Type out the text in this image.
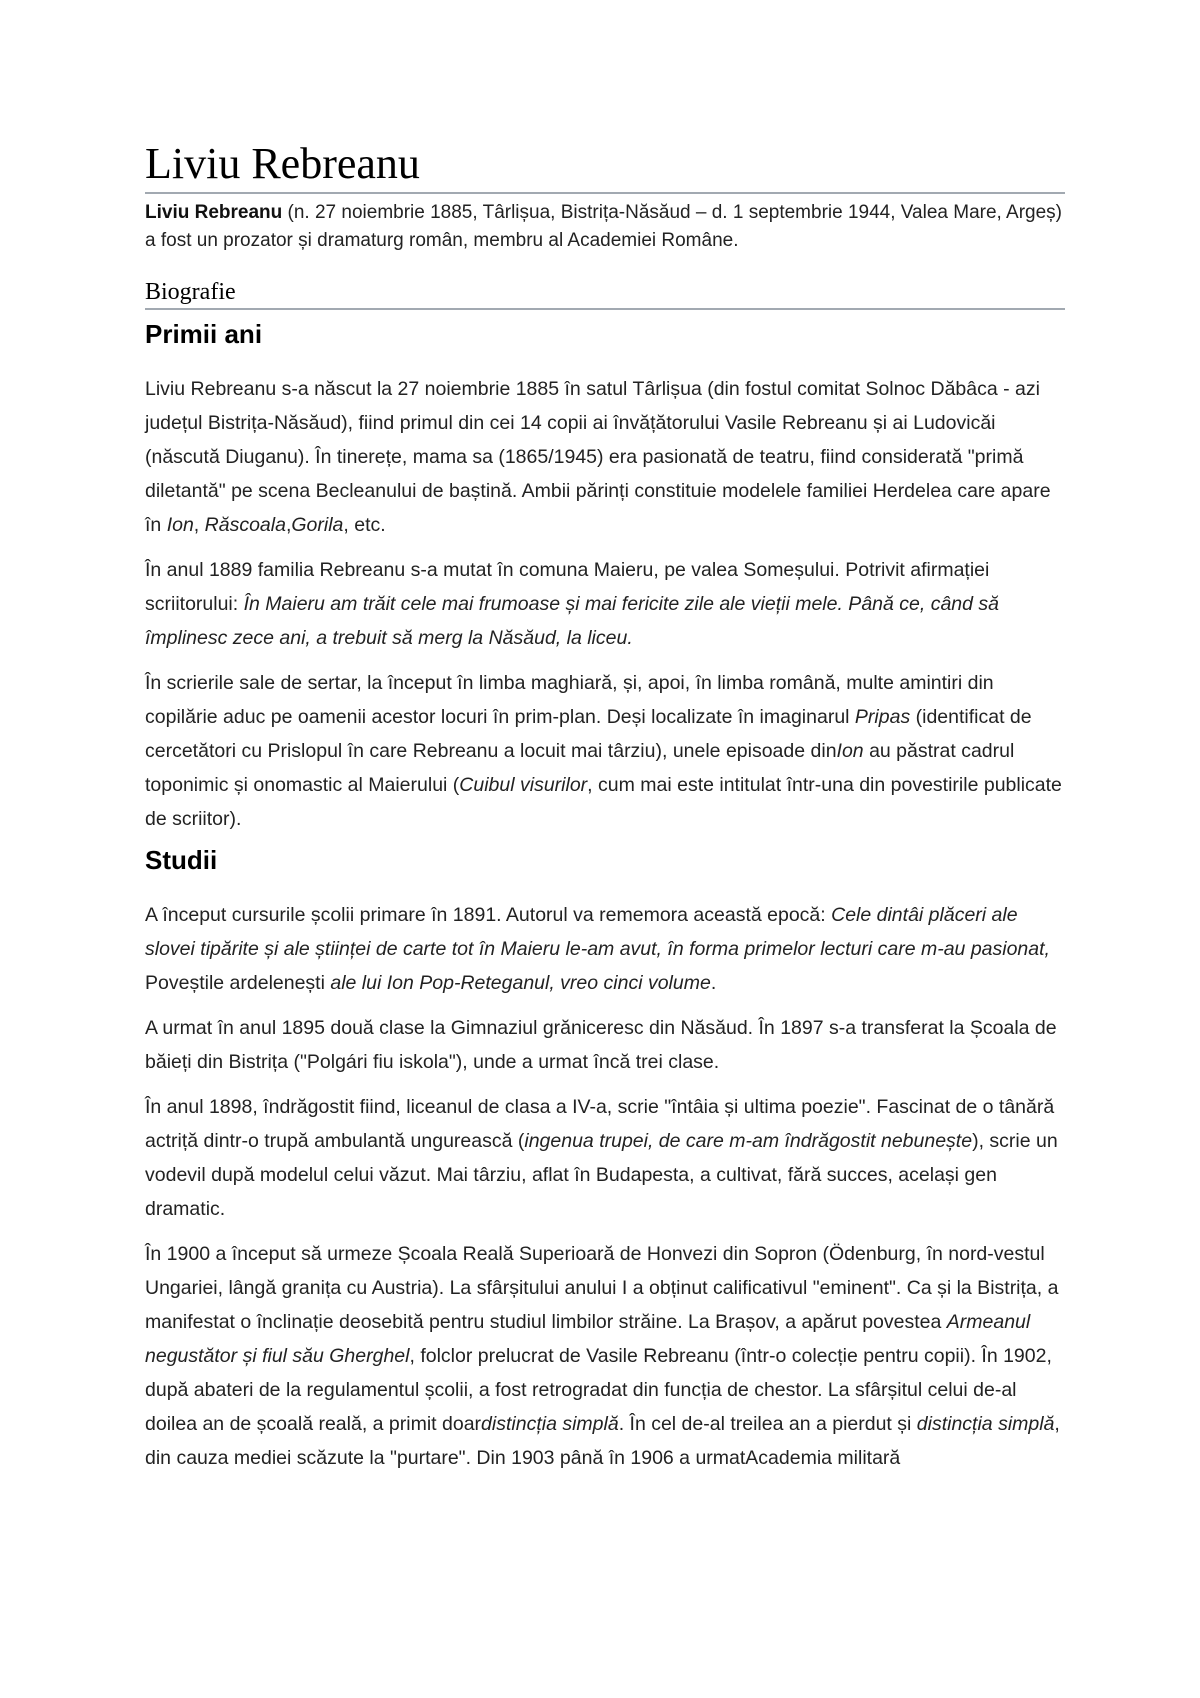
Liviu Rebreanu

Liviu Rebreanu (n. 27 noiembrie 1885, Târlișua, Bistrița-Năsăud – d. 1 septembrie 1944, Valea Mare, Argeș) a fost un prozator și dramaturg român, membru al Academiei Române.

Biografie
Primii ani

Liviu Rebreanu s-a născut la 27 noiembrie 1885 în satul Târlișua (din fostul comitat Solnoc Dăbâca - azi județul Bistrița-Năsăud), fiind primul din cei 14 copii ai învățătorului Vasile Rebreanu și ai Ludovicăi (născută Diuganu). În tinerețe, mama sa (1865/1945) era pasionată de teatru, fiind considerată "primă diletantă" pe scena Becleanului de baștină. Ambii părinți constituie modelele familiei Herdelea care apare în Ion, Răscoala,Gorila, etc.

În anul 1889 familia Rebreanu s-a mutat în comuna Maieru, pe valea Someșului. Potrivit afirmației scriitorului: În Maieru am trăit cele mai frumoase și mai fericite zile ale vieții mele. Până ce, când să împlinesc zece ani, a trebuit să merg la Năsăud, la liceu.

În scrierile sale de sertar, la început în limba maghiară, și, apoi, în limba română, multe amintiri din copilărie aduc pe oamenii acestor locuri în prim-plan. Deși localizate în imaginarul Pripas (identificat de cercetători cu Prislopul în care Rebreanu a locuit mai târziu), unele episoade dinIon au păstrat cadrul toponimic și onomastic al Maierului (Cuibul visurilor, cum mai este intitulat într-una din povestirile publicate de scriitor).

Studii

A început cursurile școlii primare în 1891. Autorul va rememora această epocă: Cele dintâi plăceri ale slovei tipărite și ale științei de carte tot în Maieru le-am avut, în forma primelor lecturi care m-au pasionat, Poveștile ardelenești ale lui Ion Pop-Reteganul, vreo cinci volume.

A urmat în anul 1895 două clase la Gimnaziul grăniceresc din Năsăud. În 1897 s-a transferat la Școala de băieți din Bistrița ("Polgári fiu iskola"), unde a urmat încă trei clase.

În anul 1898, îndrăgostit fiind, liceanul de clasa a IV-a, scrie "întâia și ultima poezie". Fascinat de o tânără actriță dintr-o trupă ambulantă ungurească (ingenua trupei, de care m-am îndrăgostit nebunește), scrie un vodevil după modelul celui văzut. Mai târziu, aflat în Budapesta, a cultivat, fără succes, același gen dramatic.

În 1900 a început să urmeze Școala Reală Superioară de Honvezi din Sopron (Ödenburg, în nord-vestul Ungariei, lângă granița cu Austria). La sfârșitului anului I a obținut calificativul "eminent". Ca și la Bistrița, a manifestat o înclinație deosebită pentru studiul limbilor străine. La Brașov, a apărut povestea Armeanul negustător și fiul său Gherghel, folclor prelucrat de Vasile Rebreanu (într-o colecție pentru copii). În 1902, după abateri de la regulamentul școlii, a fost retrogradat din funcția de chestor. La sfârșitul celui de-al doilea an de școală reală, a primit doardistincția simplă. În cel de-al treilea an a pierdut și distincția simplă, din cauza mediei scăzute la "purtare". Din 1903 până în 1906 a urmatAcademia militară
